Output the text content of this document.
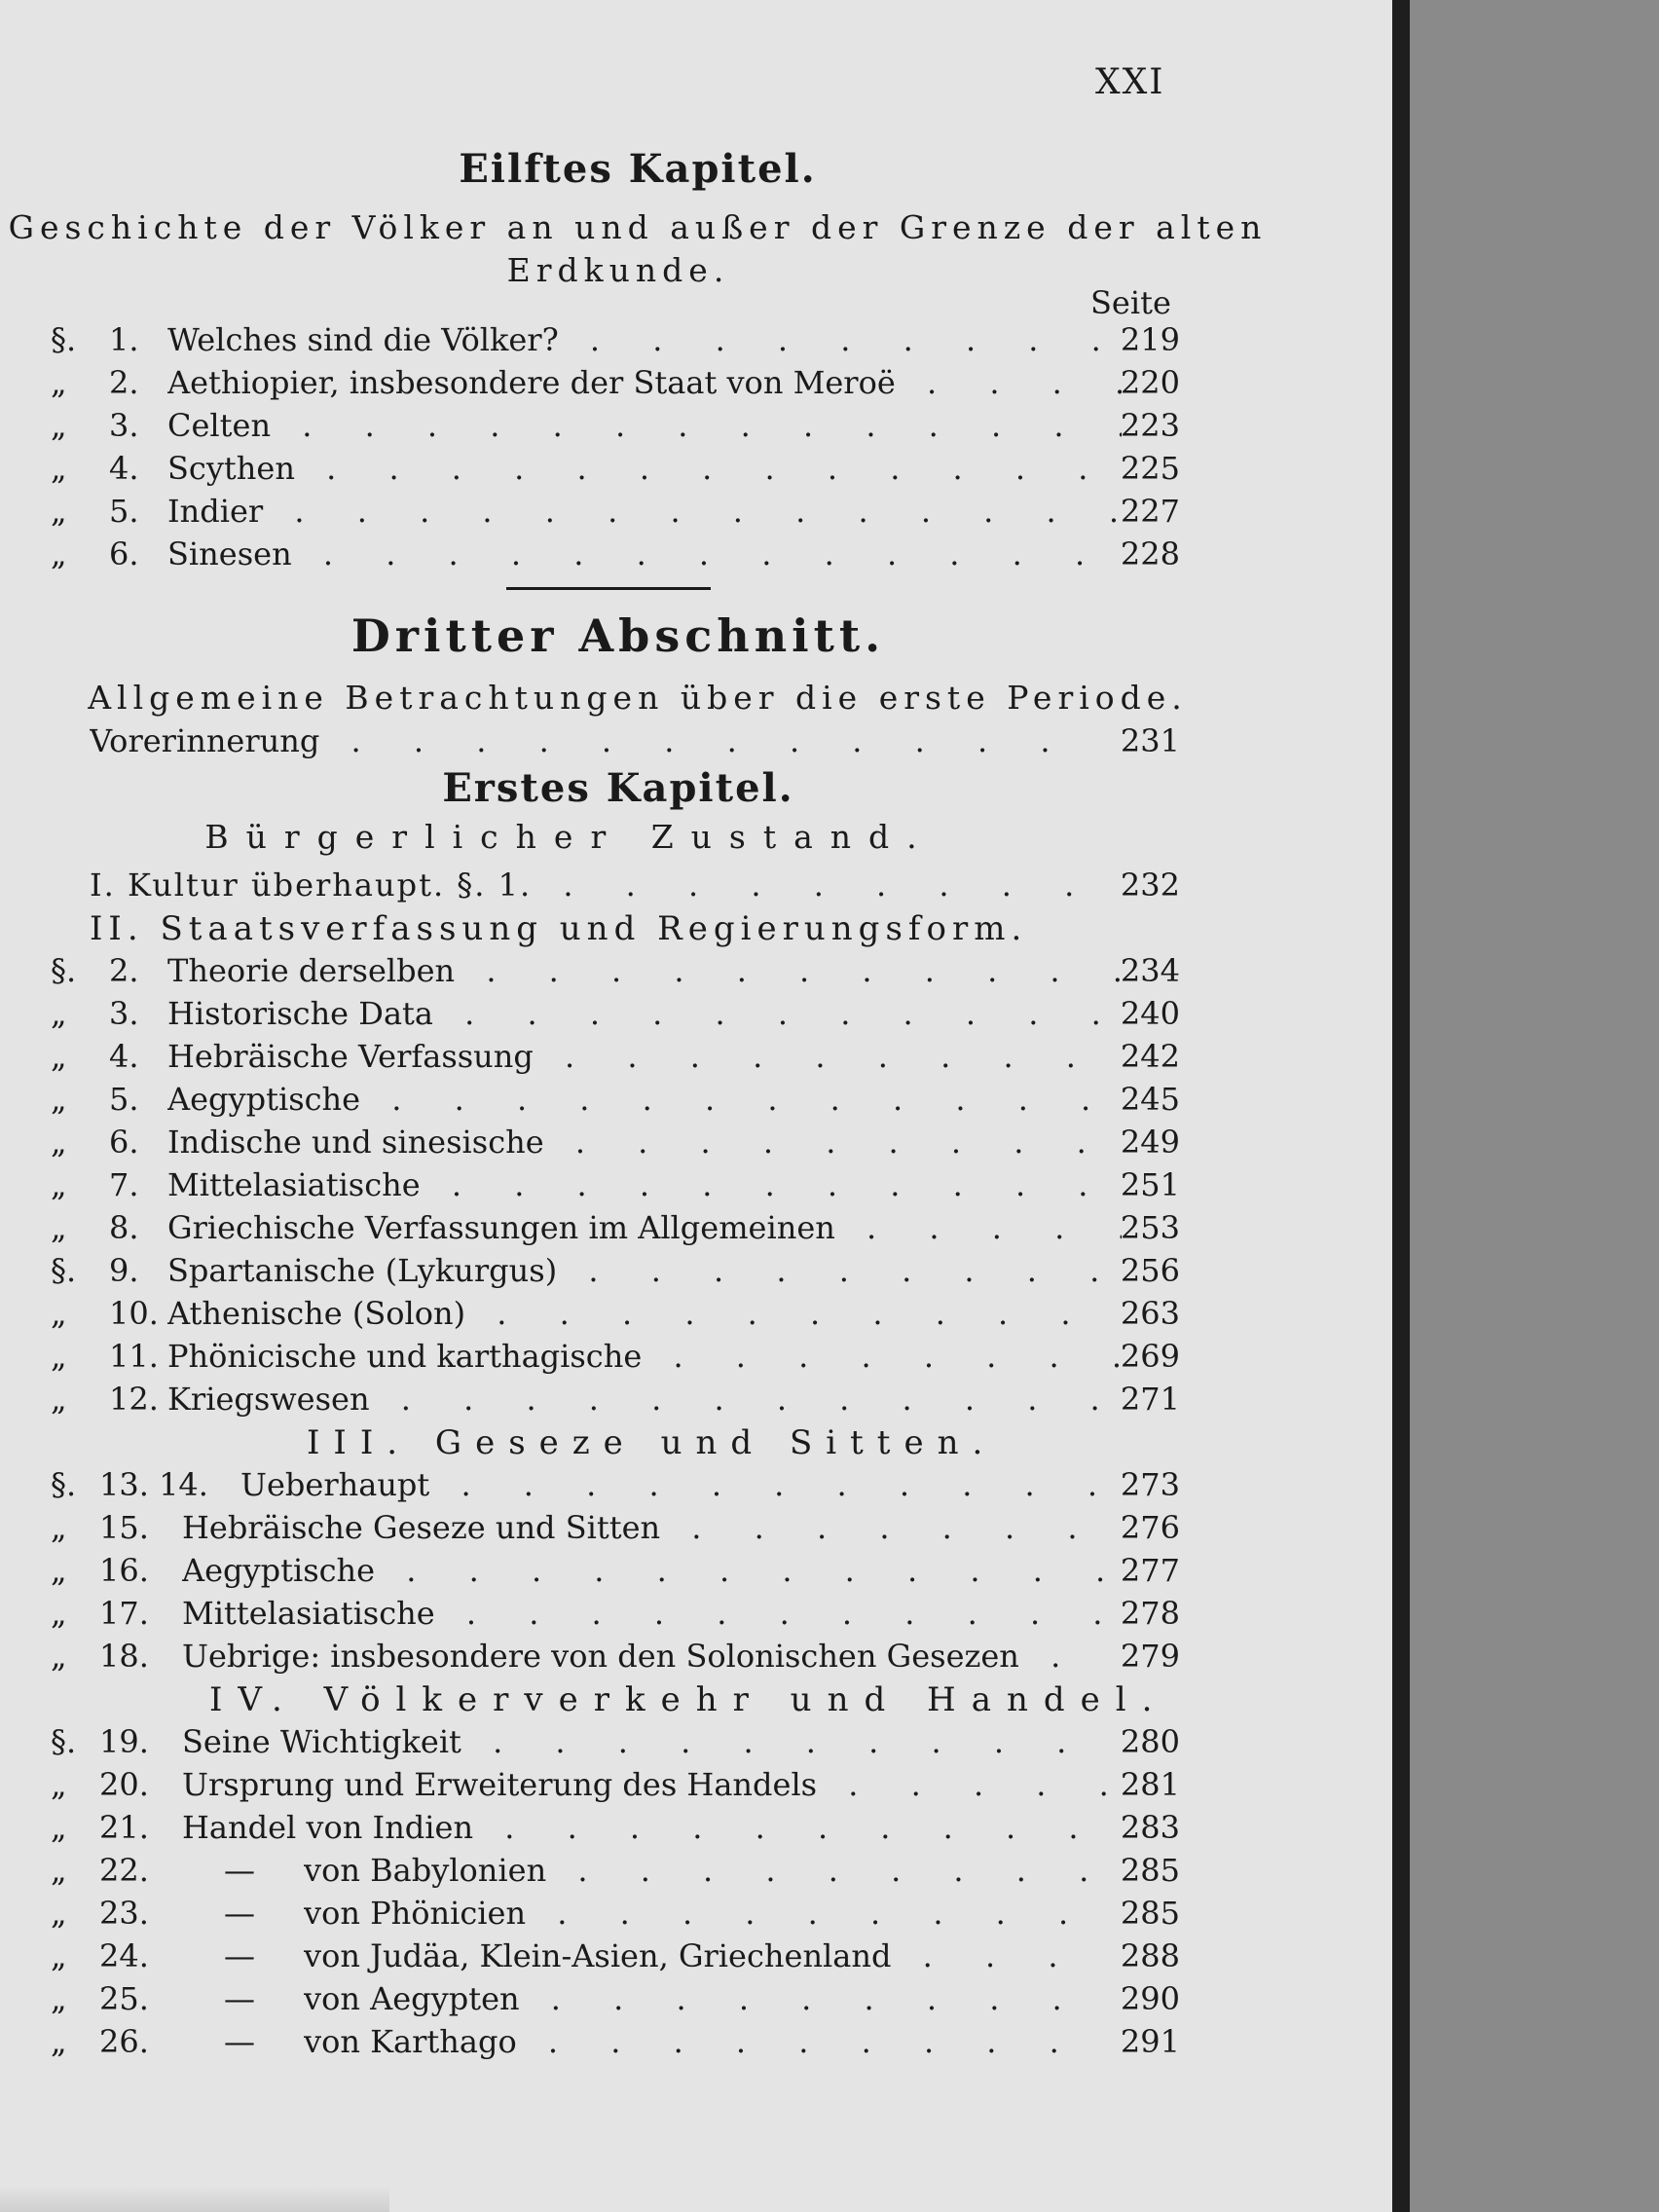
XXI
Eilftes Kapitel.
Geschichte der Völker an und außer der Grenze der alten
Erdkunde.
Seite
§.	1. Welches sind die Völker? . . .	219
„	2. Aethiopier, insbesondere der Staat von Meroë . . .	220
„	3. Celten . . .	223
„	4. Scythen . . .	225
„	5. Indier . . .	227
„	6. Sinesen . . .	228
Dritter Abschnitt.
Allgemeine Betrachtungen über die erste Periode.
Vorerinnerung . . .	231
Erstes Kapitel.
Bürgerlicher Zustand.
I. Kultur überhaupt. §. 1. . . .	232
II. Staatsverfassung und Regierungsform.
§.	2. Theorie derselben . . .	234
„	3. Historische Data . . .	240
„	4. Hebräische Verfassung . . .	242
„	5. Aegyptische . . .	245
„	6. Indische und sinesische . . .	249
„	7. Mittelasiatische . . .	251
„	8. Griechische Verfassungen im Allgemeinen . . .	253
§.	9. Spartanische (Lykurgus) . . .	256
„	10. Athenische (Solon) . . .	263
„	11. Phönicische und karthagische . . .	269
„	12. Kriegswesen . . .	271
III. Geseze und Sitten.
§. 13. 14. Ueberhaupt . . .	273
„	15. Hebräische Geseze und Sitten . . .	276
„	16. Aegyptische . . .	277
„	17. Mittelasiatische . . .	278
„	18. Uebrige: insbesondere von den Solonischen Gesezen . . .	279
IV. Völkerverkehr und Handel.
§. 19. Seine Wichtigkeit . . .	280
„	20. Ursprung und Erweiterung des Handels . . .	281
„	21. Handel von Indien . . .	283
„	22. — von Babylonien . . .	285
„	23. — von Phönicien . . .	285
„	24. — von Judäa, Klein-Asien, Griechenland . . .	288
„	25. — von Aegypten . . .	290
„	26. — von Karthago . . .	291
